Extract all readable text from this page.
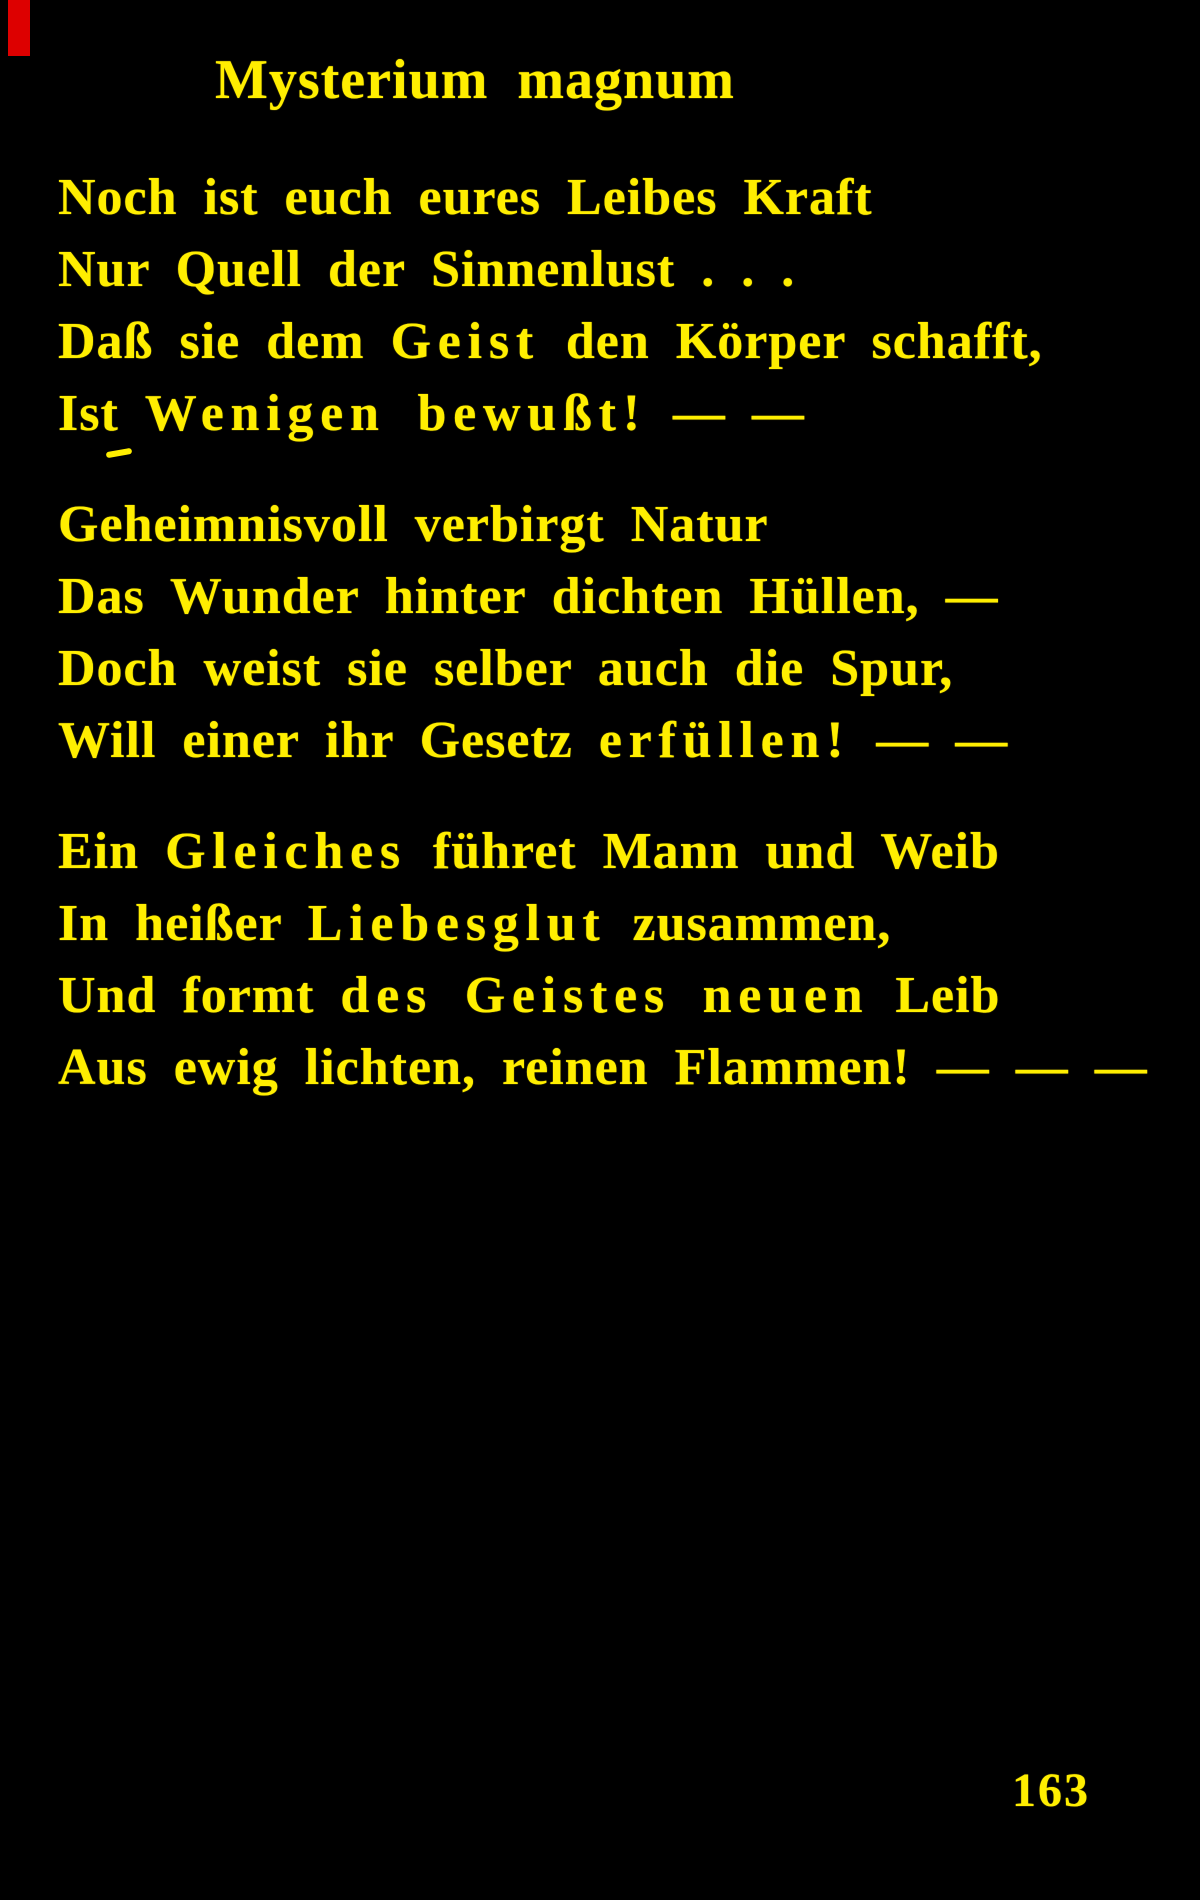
Mysterium magnum
Noch ist euch eures Leibes Kraft
Nur Quell der Sinnenlust . . .
Daß sie dem Geist den Körper schafft,
Ist Wenigen bewußt! — —
Geheimnisvoll verbirgt Natur
Das Wunder hinter dichten Hüllen, —
Doch weist sie selber auch die Spur,
Will einer ihr Gesetz erfüllen! — —
Ein Gleiches führet Mann und Weib
In heißer Liebesglut zusammen,
Und formt des Geistes neuen Leib
Aus ewig lichten, reinen Flammen! — — —
163
